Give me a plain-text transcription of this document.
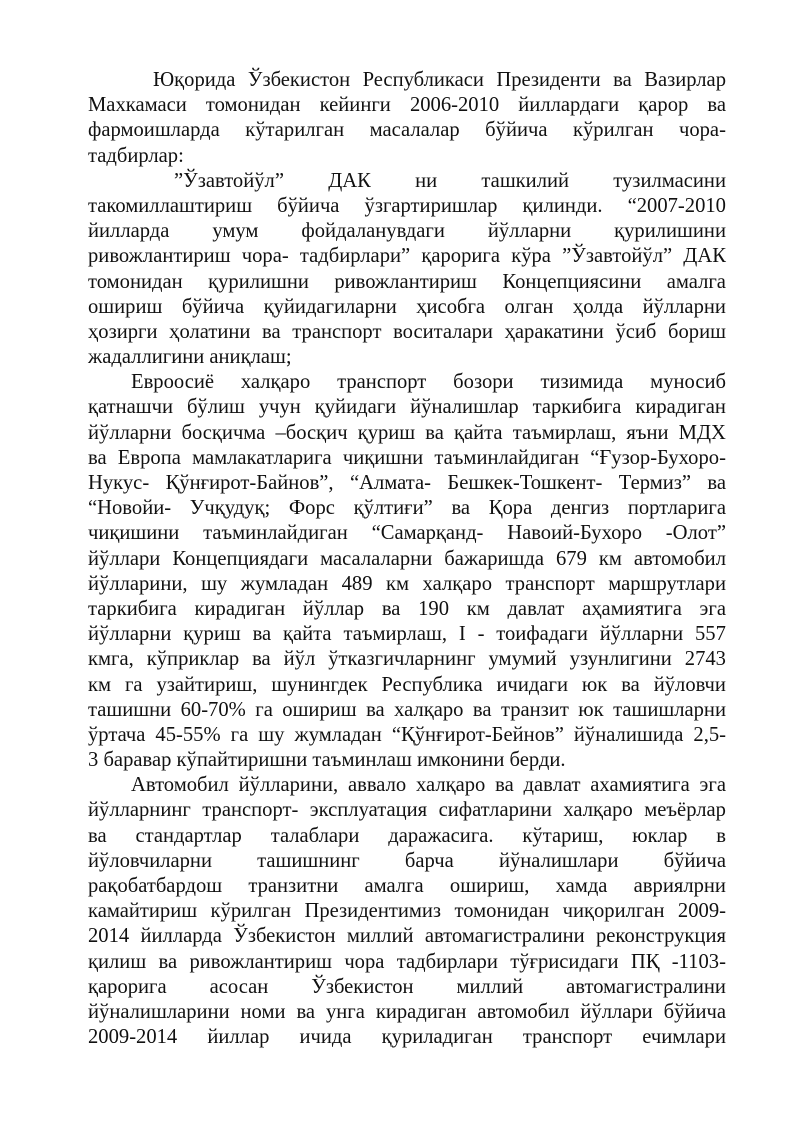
Юқорида Ўзбекистон Республикаси Президенти ва Вазирлар
Махкамаси томонидан кейинги 2006-2010 йиллардаги қарор ва
фармоишларда кўтарилган масалалар бўйича кўрилган чора-
тадбирлар:
”Ўзавтойўл” ДАК ни ташкилий тузилмасини
такомиллаштириш бўйича ўзгартиришлар қилинди. “2007-2010
йилларда умум фойдаланувдаги йўлларни қурилишини
ривожлантириш чора- тадбирлари” қарорига кўра ”Ўзавтойўл” ДАК
томонидан қурилишни ривожлантириш Концепциясини амалга
ошириш бўйича қуйидагиларни ҳисобга олган ҳолда йўлларни
ҳозирги ҳолатини ва транспорт воситалари ҳаракатини ўсиб бориш
жадаллигини аниқлаш;
Евроосиё халқаро транспорт бозори тизимида муносиб
қатнашчи бўлиш учун қуйидаги йўналишлар таркибига кирадиган
йўлларни босқичма –босқич қуриш ва қайта таъмирлаш, яъни МДХ
ва Европа мамлакатларига чиқишни таъминлайдиган “Ғузор-Бухоро-
Нукус- Қўнғирот-Байнов”, “Алмата- Бешкек-Тошкент- Термиз” ва
“Новойи- Учқудуқ; Форс қўлтиғи” ва Қора денгиз портларига
чиқишини таъминлайдиган “Самарқанд- Навоий-Бухоро -Олот”
йўллари Концепциядаги масалаларни бажаришда 679 км автомобил
йўлларини, шу жумладан 489 км халқаро транспорт маршрутлари
таркибига кирадиган йўллар ва 190 км давлат аҳамиятига эга
йўлларни қуриш ва қайта таъмирлаш, I - тоифадаги йўлларни 557
кмга, кўприклар ва йўл ўтказгичларнинг умумий узунлигини 2743
км га узайтириш, шунингдек Республика ичидаги юк ва йўловчи
ташишни 60-70% га ошириш ва халқаро ва транзит юк ташишларни
ўртача 45-55% га шу жумладан “Қўнғирот-Бейнов” йўналишида 2,5-
3 баравар кўпайтиришни таъминлаш имконини берди.
Автомобил йўлларини, аввало халқаро ва давлат ахамиятига эга
йўлларнинг транспорт- эксплуатация сифатларини халқаро меъёрлар
ва стандартлар талаблари даражасига. кўтариш, юклар в
йўловчиларни ташишнинг барча йўналишлари бўйича
рақобатбардош транзитни амалга ошириш, хамда авриялрни
камайтириш кўрилган Президентимиз томонидан чиқорилган 2009-
2014 йилларда Ўзбекистон миллий автомагистралини реконструкция
қилиш ва ривожлантириш чора тадбирлари тўғрисидаги ПҚ -1103-
қарорига асосан Ўзбекистон миллий автомагистралини
йўналишларини номи ва унга кирадиган автомобил йўллари бўйича
2009-2014 йиллар ичида қуриладиган транспорт ечимлари
